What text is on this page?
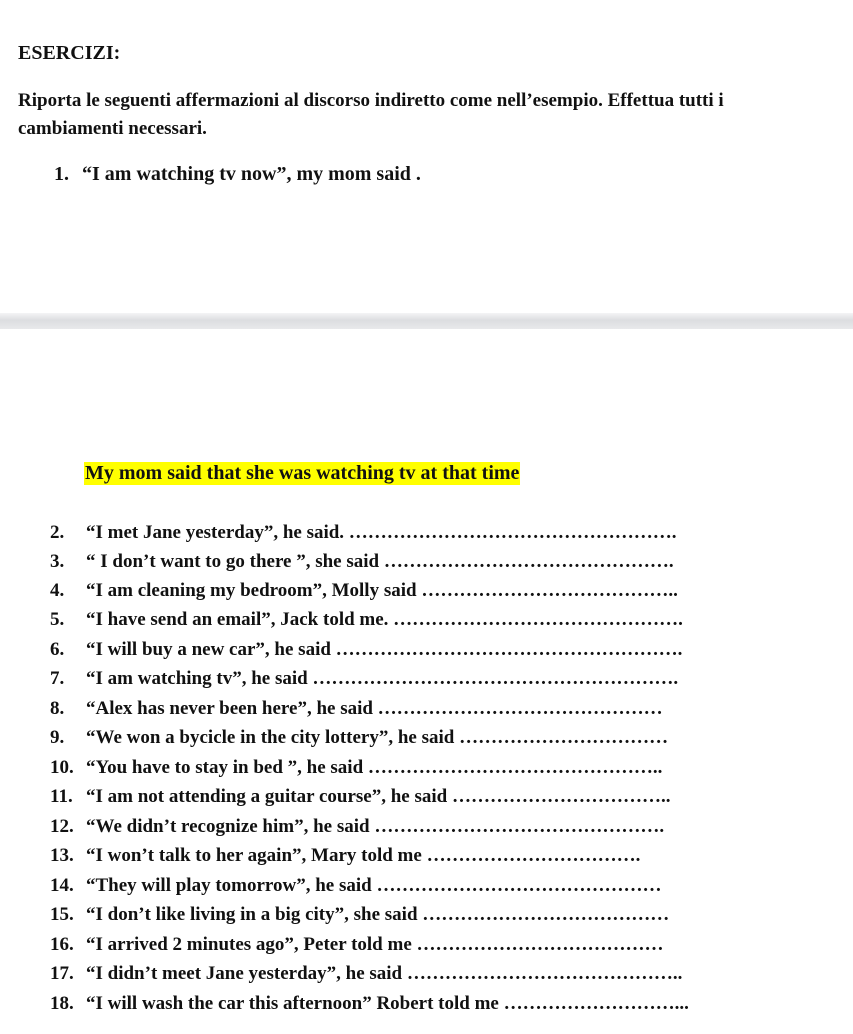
ESERCIZI:
Riporta le seguenti affermazioni al discorso indiretto come nell’esempio. Effettua tutti i
cambiamenti necessari.
1. “I am watching tv now”, my mom said .
My mom said that she was watching tv at that time
2. “I met Jane yesterday”, he said. …………………………………………….
3. “ I don’t want to go there ”, she said ……………………………………….
4. “I am cleaning my bedroom”, Molly said …………………………………..
5. “I have send an email”, Jack told me. ……………………………………….
6. “I will buy a new car”, he said ……………………………………………….
7. “I am watching tv”, he said ………………………………………………….
8. “Alex has never been here”, he said ………………………………………
9. “We won a bycicle in the city lottery”, he said ……………………………
10. “You have to stay in bed ”, he said ………………………………………..
11. “I am not attending a guitar course”, he said ……………………………..
12. “We didn’t recognize him”, he said ……………………………………….
13. “I won’t talk to her again”, Mary told me …………………………….
14. “They will play tomorrow”, he said ………………………………………
15. “I don’t like living in a big city”, she said …………………………………
16. “I arrived 2 minutes ago”, Peter told me …………………………………
17. “I didn’t meet Jane yesterday”, he said ……………………………………..
18. “I will wash the car this afternoon” Robert told me ………………………...
